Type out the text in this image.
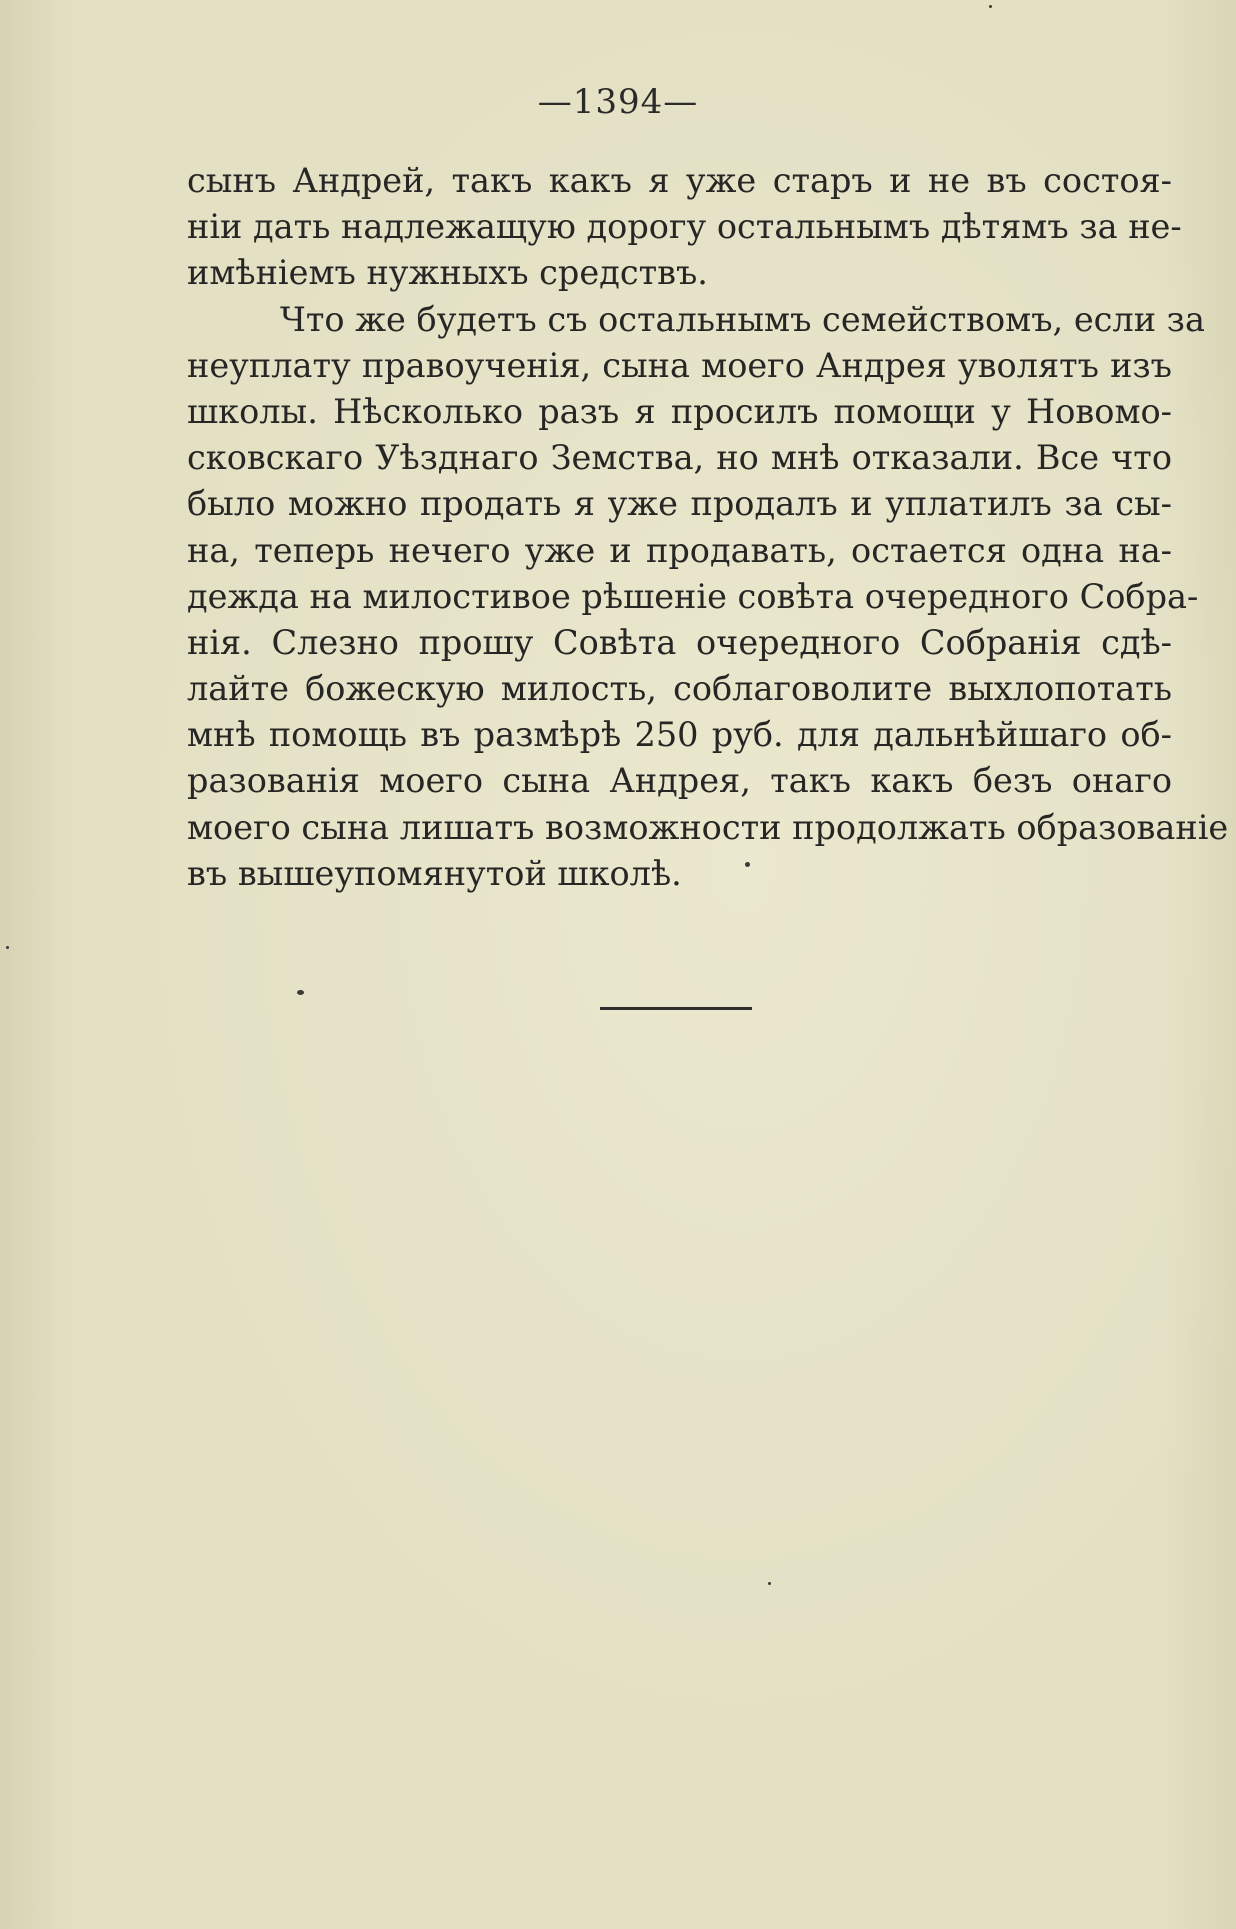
—1394—
сынъ Андрей, такъ какъ я уже старъ и не въ состоя-
нiи дать надлежащую дорогу остальнымъ дѣтямъ за не-
имѣнiемъ нужныхъ средствъ.
Что же будетъ съ остальнымъ семействомъ, если за
неуплату правоученiя, сына моего Андрея уволятъ изъ
школы. Нѣсколько разъ я просилъ помощи у Новомо-
сковскаго Уѣзднаго Земства, но мнѣ отказали. Все что
было можно продать я уже продалъ и уплатилъ за сы-
на, теперь нечего уже и продавать, остается одна на-
дежда на милостивое рѣшенiе совѣта очередного Собра-
нiя. Слезно прошу Совѣта очередного Собранiя сдѣ-
лайте божескую милость, соблаговолите выхлопотать
мнѣ помощь въ размѣрѣ 250 руб. для дальнѣйшаго об-
разованiя моего сына Андрея, такъ какъ безъ онаго
моего сына лишатъ возможности продолжать образованiе
въ вышеупомянутой школѣ.
